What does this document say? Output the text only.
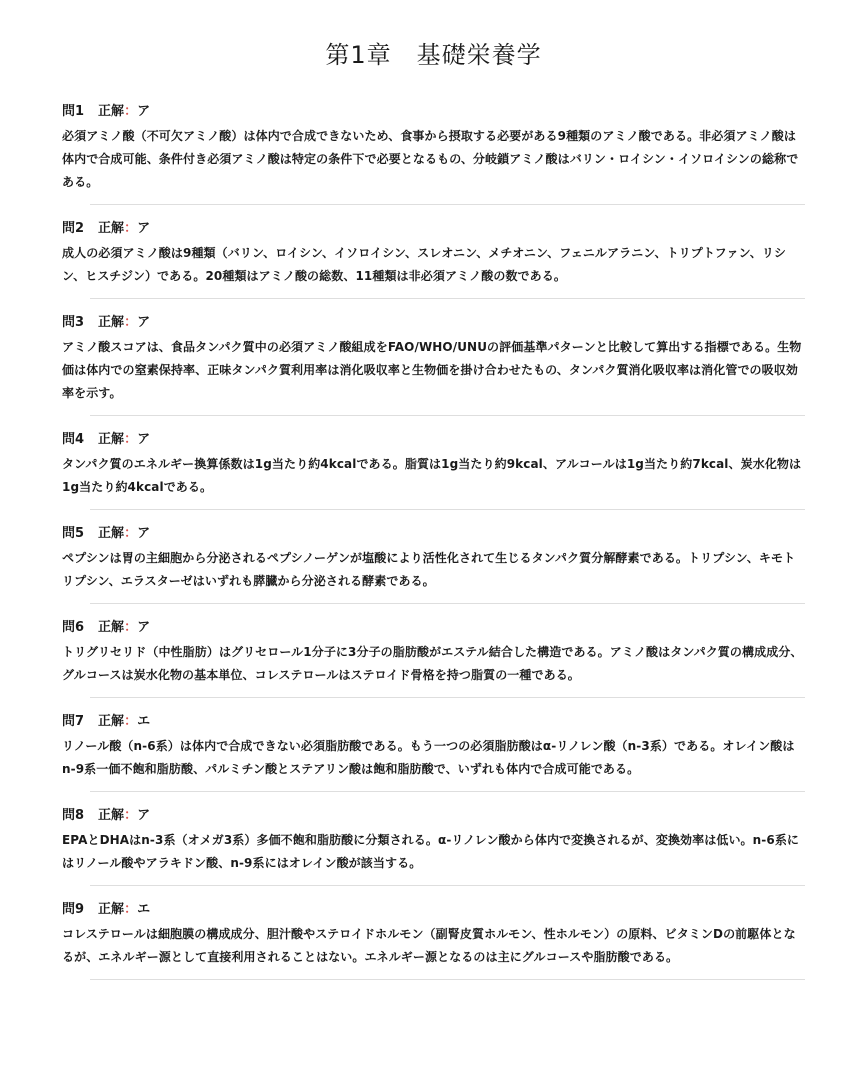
第1章　基礎栄養学
問1 正解：ア

必須アミノ酸（不可欠アミノ酸）は体内で合成できないため、食事から摂取する必要がある9種類のアミノ酸である。非必須アミノ酸は体内で合成可能、条件付き必須アミノ酸は特定の条件下で必要となるもの、分岐鎖アミノ酸はバリン・ロイシン・イソロイシンの総称である。

問2 正解：ア

成人の必須アミノ酸は9種類（バリン、ロイシン、イソロイシン、スレオニン、メチオニン、フェニルアラニン、トリプトファン、リシン、ヒスチジン）である。20種類はアミノ酸の総数、11種類は非必須アミノ酸の数である。

問3 正解：ア

アミノ酸スコアは、食品タンパク質中の必須アミノ酸組成をFAO/WHO/UNUの評価基準パターンと比較して算出する指標である。生物価は体内での窒素保持率、正味タンパク質利用率は消化吸収率と生物価を掛け合わせたもの、タンパク質消化吸収率は消化管での吸収効率を示す。

問4 正解：ア

タンパク質のエネルギー換算係数は1g当たり約4kcalである。脂質は1g当たり約9kcal、アルコールは1g当たり約7kcal、炭水化物は1g当たり約4kcalである。

問5 正解：ア

ペプシンは胃の主細胞から分泌されるペプシノーゲンが塩酸により活性化されて生じるタンパク質分解酵素である。トリプシン、キモトリプシン、エラスターゼはいずれも膵臓から分泌される酵素である。

問6 正解：ア

トリグリセリド（中性脂肪）はグリセロール1分子に3分子の脂肪酸がエステル結合した構造である。アミノ酸はタンパク質の構成成分、グルコースは炭水化物の基本単位、コレステロールはステロイド骨格を持つ脂質の一種である。

問7 正解：エ

リノール酸（n-6系）は体内で合成できない必須脂肪酸である。もう一つの必須脂肪酸はα-リノレン酸（n-3系）である。オレイン酸はn-9系一価不飽和脂肪酸、パルミチン酸とステアリン酸は飽和脂肪酸で、いずれも体内で合成可能である。

問8 正解：ア

EPAとDHAはn-3系（オメガ3系）多価不飽和脂肪酸に分類される。α-リノレン酸から体内で変換されるが、変換効率は低い。n-6系にはリノール酸やアラキドン酸、n-9系にはオレイン酸が該当する。

問9 正解：エ

コレステロールは細胞膜の構成成分、胆汁酸やステロイドホルモン（副腎皮質ホルモン、性ホルモン）の原料、ビタミンDの前駆体となるが、エネルギー源として直接利用されることはない。エネルギー源となるのは主にグルコースや脂肪酸である。
